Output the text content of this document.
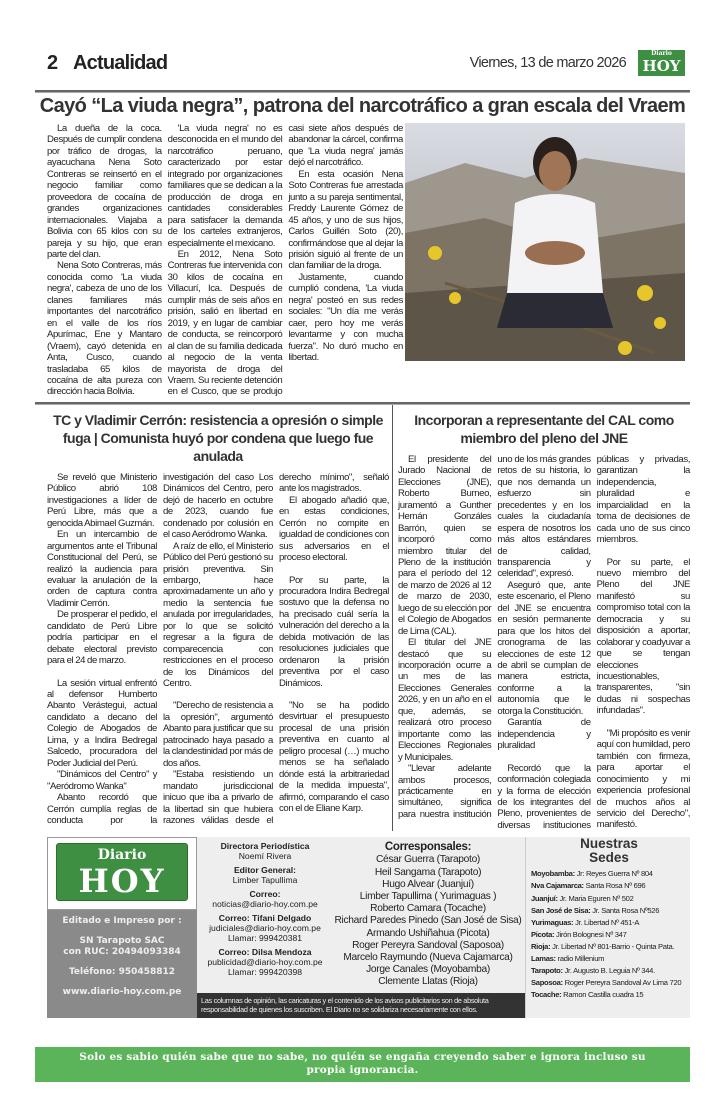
2 Actualidad	Viernes, 13 de marzo 2026
Diario
HOY
Cayó “La viuda negra”, patrona del narcotráfico a gran escala del Vraem

La dueña de la coca. Después de cumplir condena por tráfico de drogas, la ayacuchana Nena Soto Contreras se reinsertó en el negocio familiar como proveedora de cocaína de grandes organizaciones internacionales. Viajaba a Bolivia con 65 kilos con su pareja y su hijo, que eran parte del clan.

Nena Soto Contreras, más conocida como 'La viuda negra', cabeza de uno de los clanes familiares más importantes del narcotráfico en el valle de los ríos Apurímac, Ene y Mantaro (Vraem), cayó detenida en Anta, Cusco, cuando trasladaba 65 kilos de cocaína de alta pureza con dirección hacia Bolivia.

'La viuda negra' no es desconocida en el mundo del narcotráfico peruano, caracterizado por estar integrado por organizaciones familiares que se dedican a la producción de droga en cantidades considerables para satisfacer la demanda de los carteles extranjeros, especialmente el mexicano.

En 2012, Nena Soto Contreras fue intervenida con 30 kilos de cocaína en Villacurí, Ica. Después de cumplir más de seis años en prisión, salió en libertad en 2019, y en lugar de cambiar de conducta, se reincorporó al clan de su familia dedicada al negocio de la venta mayorista de droga del Vraem. Su reciente detención en el Cusco, que se produjo casi siete años después de abandonar la cárcel, confirma que 'La viuda negra' jamás dejó el narcotráfico.

En esta ocasión Nena Soto Contreras fue arrestada junto a su pareja sentimental, Freddy Laurente Gómez de 45 años, y uno de sus hijos, Carlos Guillén Soto (20), confirmándose que al dejar la prisión siguió al frente de un clan familiar de la droga.

Justamente, cuando cumplió condena, 'La viuda negra' posteó en sus redes sociales: "Un día me verás caer, pero hoy me verás levantarme y con mucha fuerza". No duró mucho en libertad.

TC y Vladimir Cerrón: resistencia a opresión o simple fuga | Comunista huyó por condena que luego fue anulada

Se reveló que Ministerio Público abrió 108 investigaciones a líder de Perú Libre, más que a genocida Abimael Guzmán.

En un intercambio de argumentos ante el Tribunal Constitucional del Perú, se realizó la audiencia para evaluar la anulación de la orden de captura contra Vladimir Cerrón.

De prosperar el pedido, el candidato de Perú Libre podría participar en el debate electoral previsto para el 24 de marzo.

La sesión virtual enfrentó al defensor Humberto Abanto Verástegui, actual candidato a decano del Colegio de Abogados de Lima, y a Indira Bedregal Salcedo, procuradora del Poder Judicial del Perú.

"Dinámicos del Centro" y "Aeródromo Wanka"

Abanto recordó que Cerrón cumplía reglas de conducta por la investigación del caso Los Dinámicos del Centro, pero dejó de hacerlo en octubre de 2023, cuando fue condenado por colusión en el caso Aeródromo Wanka.

A raíz de ello, el Ministerio Público del Perú gestionó su prisión preventiva. Sin embargo, hace aproximadamente un año y medio la sentencia fue anulada por irregularidades, por lo que se solicitó regresar a la figura de comparecencia con restricciones en el proceso de los Dinámicos del Centro.

"Derecho de resistencia a la opresión", argumentó Abanto para justificar que su patrocinado haya pasado a la clandestinidad por más de dos años.

"Estaba resistiendo un mandato jurisdiccional inicuo que iba a privarlo de la libertad sin que hubiera razones válidas desde el derecho mínimo", señaló ante los magistrados.

El abogado añadió que, en estas condiciones, Cerrón no compite en igualdad de condiciones con sus adversarios en el proceso electoral.

Por su parte, la procuradora Indira Bedregal sostuvo que la defensa no ha precisado cuál sería la vulneración del derecho a la debida motivación de las resoluciones judiciales que ordenaron la prisión preventiva por el caso Dinámicos.

"No se ha podido desvirtuar el presupuesto procesal de una prisión preventiva en cuanto al peligro procesal (…) mucho menos se ha señalado dónde está la arbitrariedad de la medida impuesta", afirmó, comparando el caso con el de Eliane Karp.

Incorporan a representante del CAL como miembro del pleno del JNE

El presidente del Jurado Nacional de Elecciones (JNE), Roberto Burneo, juramentó a Gunther Hernán Gonzáles Barrón, quien se incorporó como miembro titular del Pleno de la institución para el período del 12 de marzo de 2026 al 12 de marzo de 2030, luego de su elección por el Colegio de Abogados de Lima (CAL).

El titular del JNE destacó que su incorporación ocurre a un mes de las Elecciones Generales 2026, y en un año en el que, además, se realizará otro proceso importante como las Elecciones Regionales y Municipales.

"Llevar adelante ambos procesos, prácticamente en simultáneo, significa para nuestra institución uno de los más grandes retos de su historia, lo que nos demanda un esfuerzo sin precedentes y en los cuales la ciudadanía espera de nosotros los más altos estándares de calidad, transparencia y celeridad", expresó.

Aseguró que, ante este escenario, el Pleno del JNE se encuentra en sesión permanente para que los hitos del cronograma de las elecciones de este 12 de abril se cumplan de manera estricta, conforme a la autonomía que le otorga la Constitución.

Garantía de independencia y pluralidad

Recordó que la conformación colegiada y la forma de elección de los integrantes del Pleno, provenientes de diversas instituciones públicas y privadas, garantizan la independencia, pluralidad e imparcialidad en la toma de decisiones de cada uno de sus cinco miembros.

Por su parte, el nuevo miembro del Pleno del JNE manifestó su compromiso total con la democracia y su disposición a aportar, colaborar y coadyuvar a que se tengan elecciones incuestionables, transparentes, "sin dudas ni sospechas infundadas".

"Mi propósito es venir aquí con humildad, pero también con firmeza, para aportar el conocimiento y mi experiencia profesional de muchos años al servicio del Derecho", manifestó.

Diario
HOY
Editado e Impreso por :
SN Tarapoto SAC
con RUC: 20494093384
Teléfono: 950458812
www.diario-hoy.com.pe
Directora Periodística
Noemí Rivera
Editor General:
Limber Tapullima
Correo:
noticias@diario-hoy.com.pe
Correo: Tifani Delgado
judiciales@diario-hoy.com.pe
Llamar: 999420381
Correo: Dilsa Mendoza
publicidad@diario-hoy.com.pe
Llamar: 999420398
Corresponsales:
César Guerra (Tarapoto)
Heil Sangama (Tarapoto)
Hugo Alvear (Juanjuí)
Limber Tapullima ( Yurimaguas )
Roberto Camara (Tocache)
Richard Paredes Pinedo (San José de Sisa)
Armando Ushiñahua (Picota)
Roger Pereyra Sandoval (Saposoa)
Marcelo Raymundo (Nueva Cajamarca)
Jorge Canales (Moyobamba)
Clemente Llatas (Rioja)
Las columnas de opinión, las caricaturas y el contenido de los avisos publicitarios son de absoluta responsabilidad de quienes los suscriben. El Diario no se solidariza necesariamente con ellos.
Nuestras
Sedes
Moyobamba: Jr: Reyes Guerra Nº 804
Nva Cajamarca: Santa Rosa Nº 696
Juanjuí: Jr. Maria Eguren Nº 502
San José de Sisa: Jr. Santa Rosa Nº526
Yurimaguas: Jr. Libertad Nº 451-A
Picota: Jirón Bolognesi Nº 347
Rioja: Jr. Libertad Nº 801-Barrio - Quinta Pata.
Lamas: radio Millenium
Tarapoto: Jr. Augusto B. Leguia Nº 344.
Saposoa: Roger Pereyra Sandoval Av Lima 720
Tocache: Ramon Castilla cuadra 15
Solo es sabio quién sabe que no sabe, no quién se engaña creyendo saber e ignora incluso su propia ignorancia.
